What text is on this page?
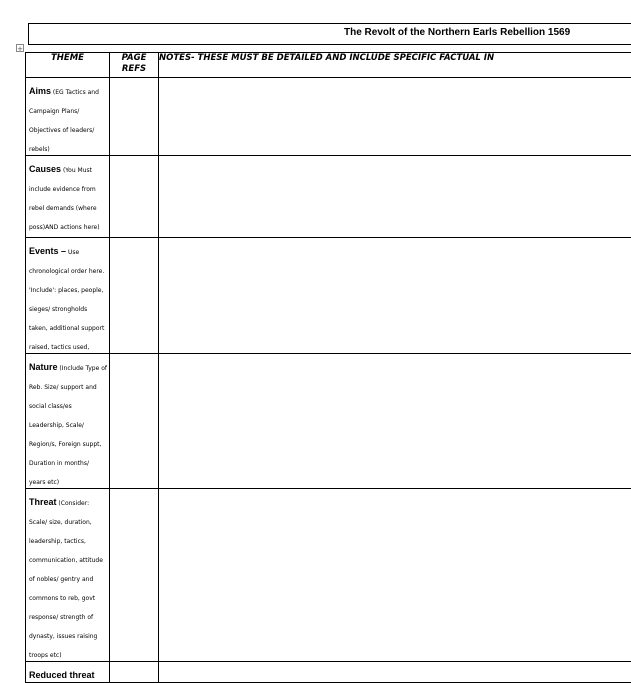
The Revolt of the Northern Earls Rebellion 1569
+
THEME	PAGE REFS	NOTES- THESE MUST BE DETAILED AND INCLUDE SPECIFIC FACTUAL IN
Aims (EG Tactics and Campaign Plans/ Objectives of leaders/ rebels)		
Causes (You Must include evidence from rebel demands (where poss)AND actions here)		
Events – Use chronological order here. 'Include': places, people, sieges/ strongholds taken, additional support raised, tactics used,		
Nature (Include Type of Reb. Size/ support and social class/es Leadership, Scale/ Region/s, Foreign suppt, Duration in months/ years etc)		
Threat (Consider: Scale/ size, duration, leadership, tactics, communication, attitude of nobles/ gentry and commons to reb, govt response/ strength of dynasty, issues raising troops etc)		
Reduced threat		
